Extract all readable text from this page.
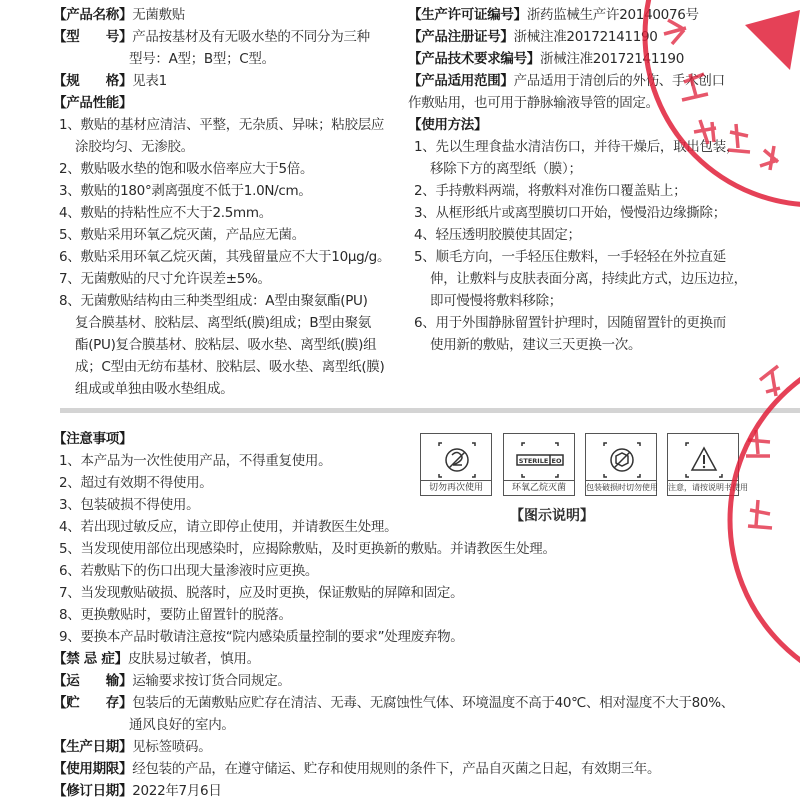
【产品名称】无菌敷贴
【型　　号】产品按基材及有无吸水垫的不同分为三种
型号：A型；B型；C型。
【规　　格】见表1
【产品性能】
1、敷贴的基材应清洁、平整，无杂质、异味；粘胶层应
涂胶均匀、无渗胶。
2、敷贴吸水垫的饱和吸水倍率应大于5倍。
3、敷贴的180°剥离强度不低于1.0N/cm。
4、敷贴的持粘性应不大于2.5mm。
5、敷贴采用环氧乙烷灭菌，产品应无菌。
6、敷贴采用环氧乙烷灭菌，其残留量应不大于10μg/g。
7、无菌敷贴的尺寸允许误差±5%。
8、无菌敷贴结构由三种类型组成：A型由聚氨酯(PU)
复合膜基材、胶粘层、离型纸(膜)组成；B型由聚氨
酯(PU)复合膜基材、胶粘层、吸水垫、离型纸(膜)组
成；C型由无纺布基材、胶粘层、吸水垫、离型纸(膜)
组成或单独由吸水垫组成。
【生产许可证编号】浙药监械生产许20140076号
【产品注册证号】浙械注准20172141190
【产品技术要求编号】浙械注准20172141190
【产品适用范围】产品适用于清创后的外伤、手术创口
作敷贴用，也可用于静脉输液导管的固定。
【使用方法】
1、先以生理食盐水清洁伤口，并待干燥后，取出包装，
移除下方的离型纸（膜）；
2、手持敷料两端，将敷料对准伤口覆盖贴上；
3、从框形纸片或离型膜切口开始，慢慢沿边缘撕除；
4、轻压透明胶膜使其固定；
5、顺毛方向，一手轻压住敷料，一手轻轻在外拉直延
伸，让敷料与皮肤表面分离，持续此方式，边压边拉，
即可慢慢将敷料移除；
6、用于外围静脉留置针护理时，因随留置针的更换而
使用新的敷贴，建议三天更换一次。
【注意事项】
1、本产品为一次性使用产品，不得重复使用。
2、超过有效期不得使用。
3、包装破损不得使用。
4、若出现过敏反应，请立即停止使用，并请教医生处理。
5、当发现使用部位出现感染时，应揭除敷贴，及时更换新的敷贴。并请教医生处理。
6、若敷贴下的伤口出现大量渗液时应更换。
7、当发现敷贴破损、脱落时，应及时更换，保证敷贴的屏障和固定。
8、更换敷贴时，要防止留置针的脱落。
9、要换本产品时敬请注意按“院内感染质量控制的要求”处理废弃物。
【禁 忌 症】皮肤易过敏者，慎用。
【运　　输】运输要求按订货合同规定。
【贮　　存】包装后的无菌敷贴应贮存在清洁、无毒、无腐蚀性气体、环境温度不高于40℃、相对湿度不大于80%、
通风良好的室内。
【生产日期】见标签喷码。
【使用期限】经包装的产品，在遵守储运、贮存和使用规则的条件下，产品自灭菌之日起，有效期三年。
【修订日期】2022年7月6日
切勿再次使用
STERILE EO
环氧乙烷灭菌	包装破损时切勿使用 注意，请按说明书使用
【图示说明】
